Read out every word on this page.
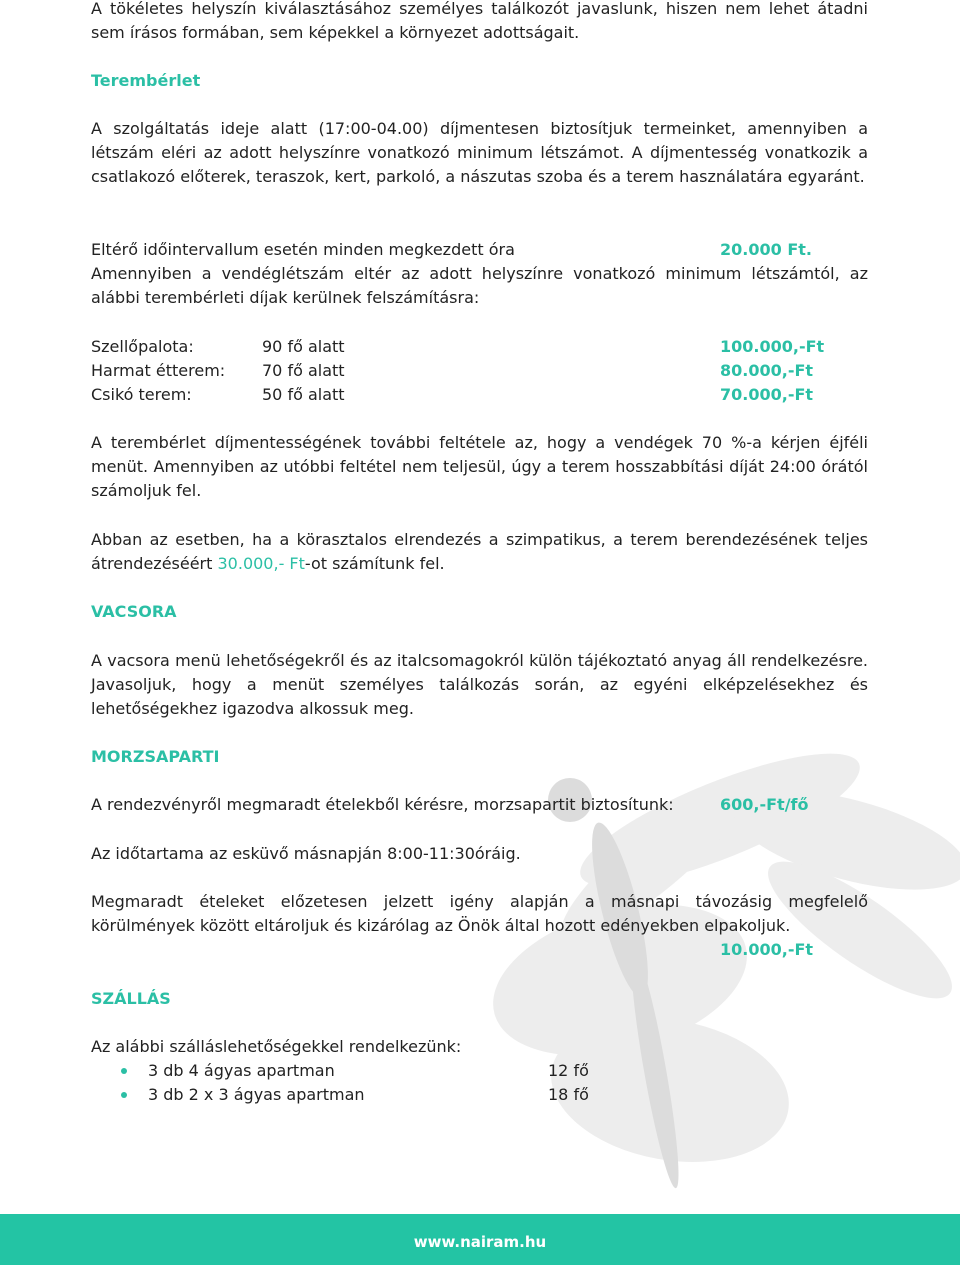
A tökéletes helyszín kiválasztásához személyes találkozót javaslunk, hiszen nem lehet átadni
sem írásos formában, sem képekkel a környezet adottságait.

Terembérlet

A szolgáltatás ideje alatt (17:00-04.00) díjmentesen biztosítjuk termeinket, amennyiben a létszám eléri az adott helyszínre vonatkozó minimum létszámot. A díjmentesség vonatkozik a csatlakozó előterek, teraszok, kert, parkoló, a nászutas szoba és a terem használatára egyaránt.

Eltérő időintervallum esetén minden megkezdett óra	20.000 Ft.

Amennyiben a vendéglétszám eltér az adott helyszínre vonatkozó minimum létszámtól, az alábbi terembérleti díjak kerülnek felszámításra:

Szellőpalota:	90 fő alatt	100.000,-Ft
Harmat étterem: 70 fő alatt	80.000,-Ft
Csikó terem:	50 fő alatt	70.000,-Ft

A terembérlet díjmentességének további feltétele az, hogy a vendégek 70 %-a kérjen éjféli menüt. Amennyiben az utóbbi feltétel nem teljesül, úgy a terem hosszabbítási díját 24:00 órától számoljuk fel.

Abban az esetben, ha a körasztalos elrendezés a szimpatikus, a terem berendezésének teljes átrendezéséért 30.000,- Ft-ot számítunk fel.

VACSORA

A vacsora menü lehetőségekről és az italcsomagokról külön tájékoztató anyag áll rendelkezésre. Javasoljuk, hogy a menüt személyes találkozás során, az egyéni elképzelésekhez és lehetőségekhez igazodva alkossuk meg.

MORZSAPARTI

A rendezvényről megmaradt ételekből kérésre, morzsapartit biztosítunk:	600,-Ft/fő

Az időtartama az esküvő másnapján 8:00-11:30óráig.

Megmaradt ételeket előzetesen jelzett igény alapján a másnapi távozásig megfelelő körülmények között eltároljuk és kizárólag az Önök által hozott edényekben elpakoljuk.

10.000,-Ft

SZÁLLÁS

Az alábbi szálláslehetőségekkel rendelkezünk:

3 db 4 ágyas apartman	12 fő
3 db 2 x 3 ágyas apartman	18 fő
www.nairam.hu
